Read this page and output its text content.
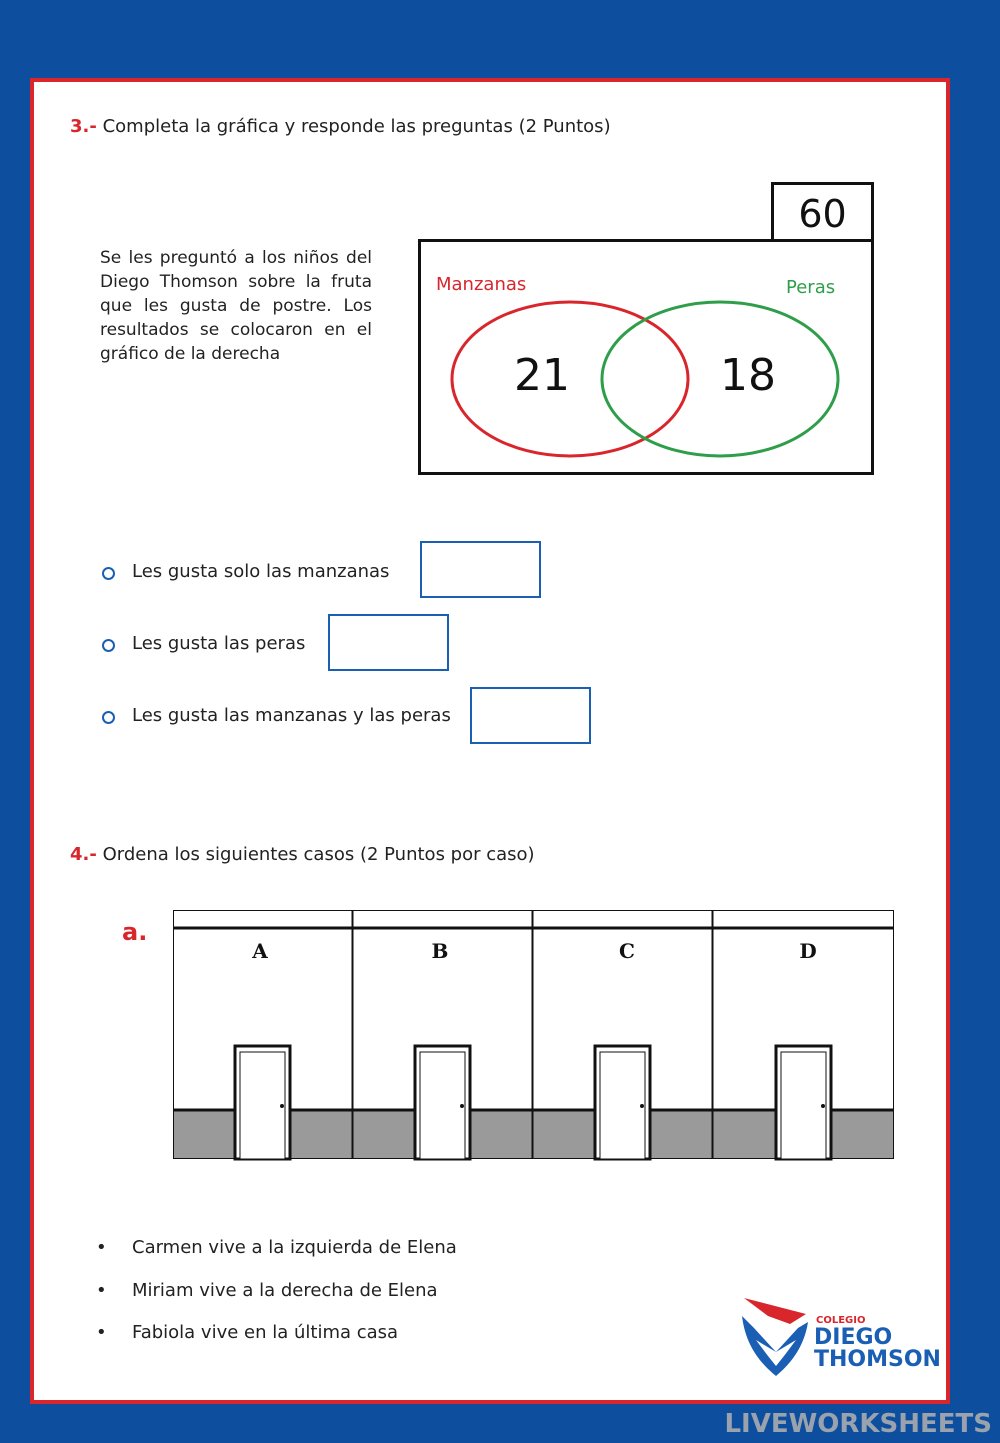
3.- Completa la gráfica y responde las preguntas (2 Puntos)
Se les preguntó a los niños del Diego Thomson sobre la fruta que les gusta de postre. Los resultados se colocaron en el gráfico de la derecha
60
Manzanas	Peras
21	18
Les gusta solo las manzanas
Les gusta las peras
Les gusta las manzanas y las peras
4.- Ordena los siguientes casos (2 Puntos por caso)
a.
A	B	C	D
• Carmen vive a la izquierda de Elena
• Miriam vive a la derecha de Elena
• Fabiola vive en la última casa
COLEGIO
DIEGO
THOMSON
LIVEWORKSHEETS
